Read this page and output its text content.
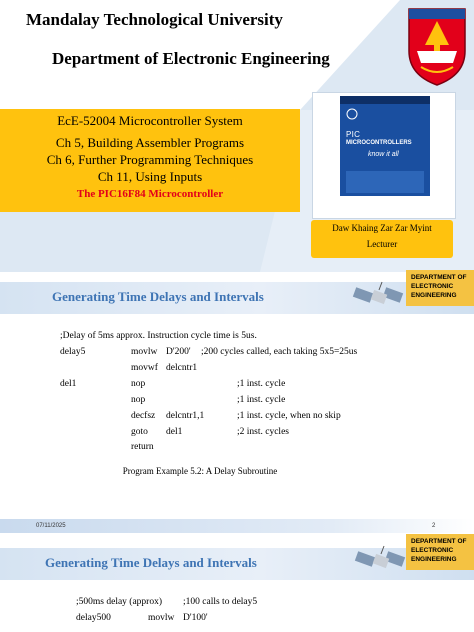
Mandalay Technological University
Department of Electronic Engineering
EcE-52004 Microcontroller System
Ch 5, Building Assembler Programs
Ch 6, Further Programming Techniques
Ch 11, Using Inputs
The PIC16F84 Microcontroller
PIC
MICROCONTROLLERS
know it all
Daw Khaing Zar Zar Myint
Lecturer
Generating Time Delays and Intervals
DEPARTMENT OF
ELECTRONIC
ENGINEERING
;Delay of 5ms approx. Instruction cycle time is 5us.
delay5	movlw D'200' ;200 cycles called, each taking 5x5=25us
movwf delcntr1
del1	nop	;1 inst. cycle
nop	;1 inst. cycle
decfsz delcntr1,1	;1 inst. cycle, when no skip
goto del1	;2 inst. cycles
return
Program Example 5.2: A Delay Subroutine
07/11/2025	2
Generating Time Delays and Intervals
DEPARTMENT OF
ELECTRONIC
ENGINEERING
;500ms delay (approx) ;100 calls to delay5
delay500	movlw D'100'
